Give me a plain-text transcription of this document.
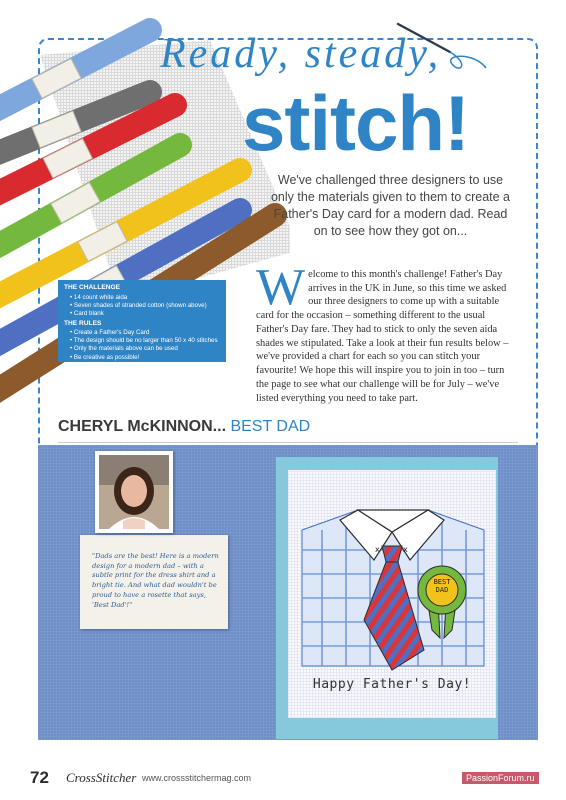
Ready, steady,
stitch!
We've challenged three designers to use only the materials given to them to create a Father's Day card for a modern dad. Read on to see how they got on...
THE CHALLENGE
• 14 count white aida
• Seven shades of stranded cotton (shown above)
• Card blank
THE RULES
• Create a Father's Day Card
• The design should be no larger than 50 x 40 stitches
• Only the materials above can be used
• Be creative as possible!
Welcome to this month's challenge! Father's Day arrives in the UK in June, so this time we asked our three designers to come up with a suitable card for the occasion – something different to the usual Father's Day fare. They had to stick to only the seven aida shades we stipulated. Take a look at their fun results below – we've provided a chart for each so you can stitch your favourite! We hope this will inspire you to join in too – turn the page to see what our challenge will be for July – we've listed everything you need to take part.
CHERYL McKINNON... BEST DAD
"Dads are the best! Here is a modern design for a modern dad – with a subtle print for the dress shirt and a bright tie. And what dad wouldn't be proud to have a rosette that says, 'Best Dad'!"
x	x
BEST
DAD
Happy Father's Day!
72 CrossStitcher www.crossstitchermag.com	PassionForum.ru
